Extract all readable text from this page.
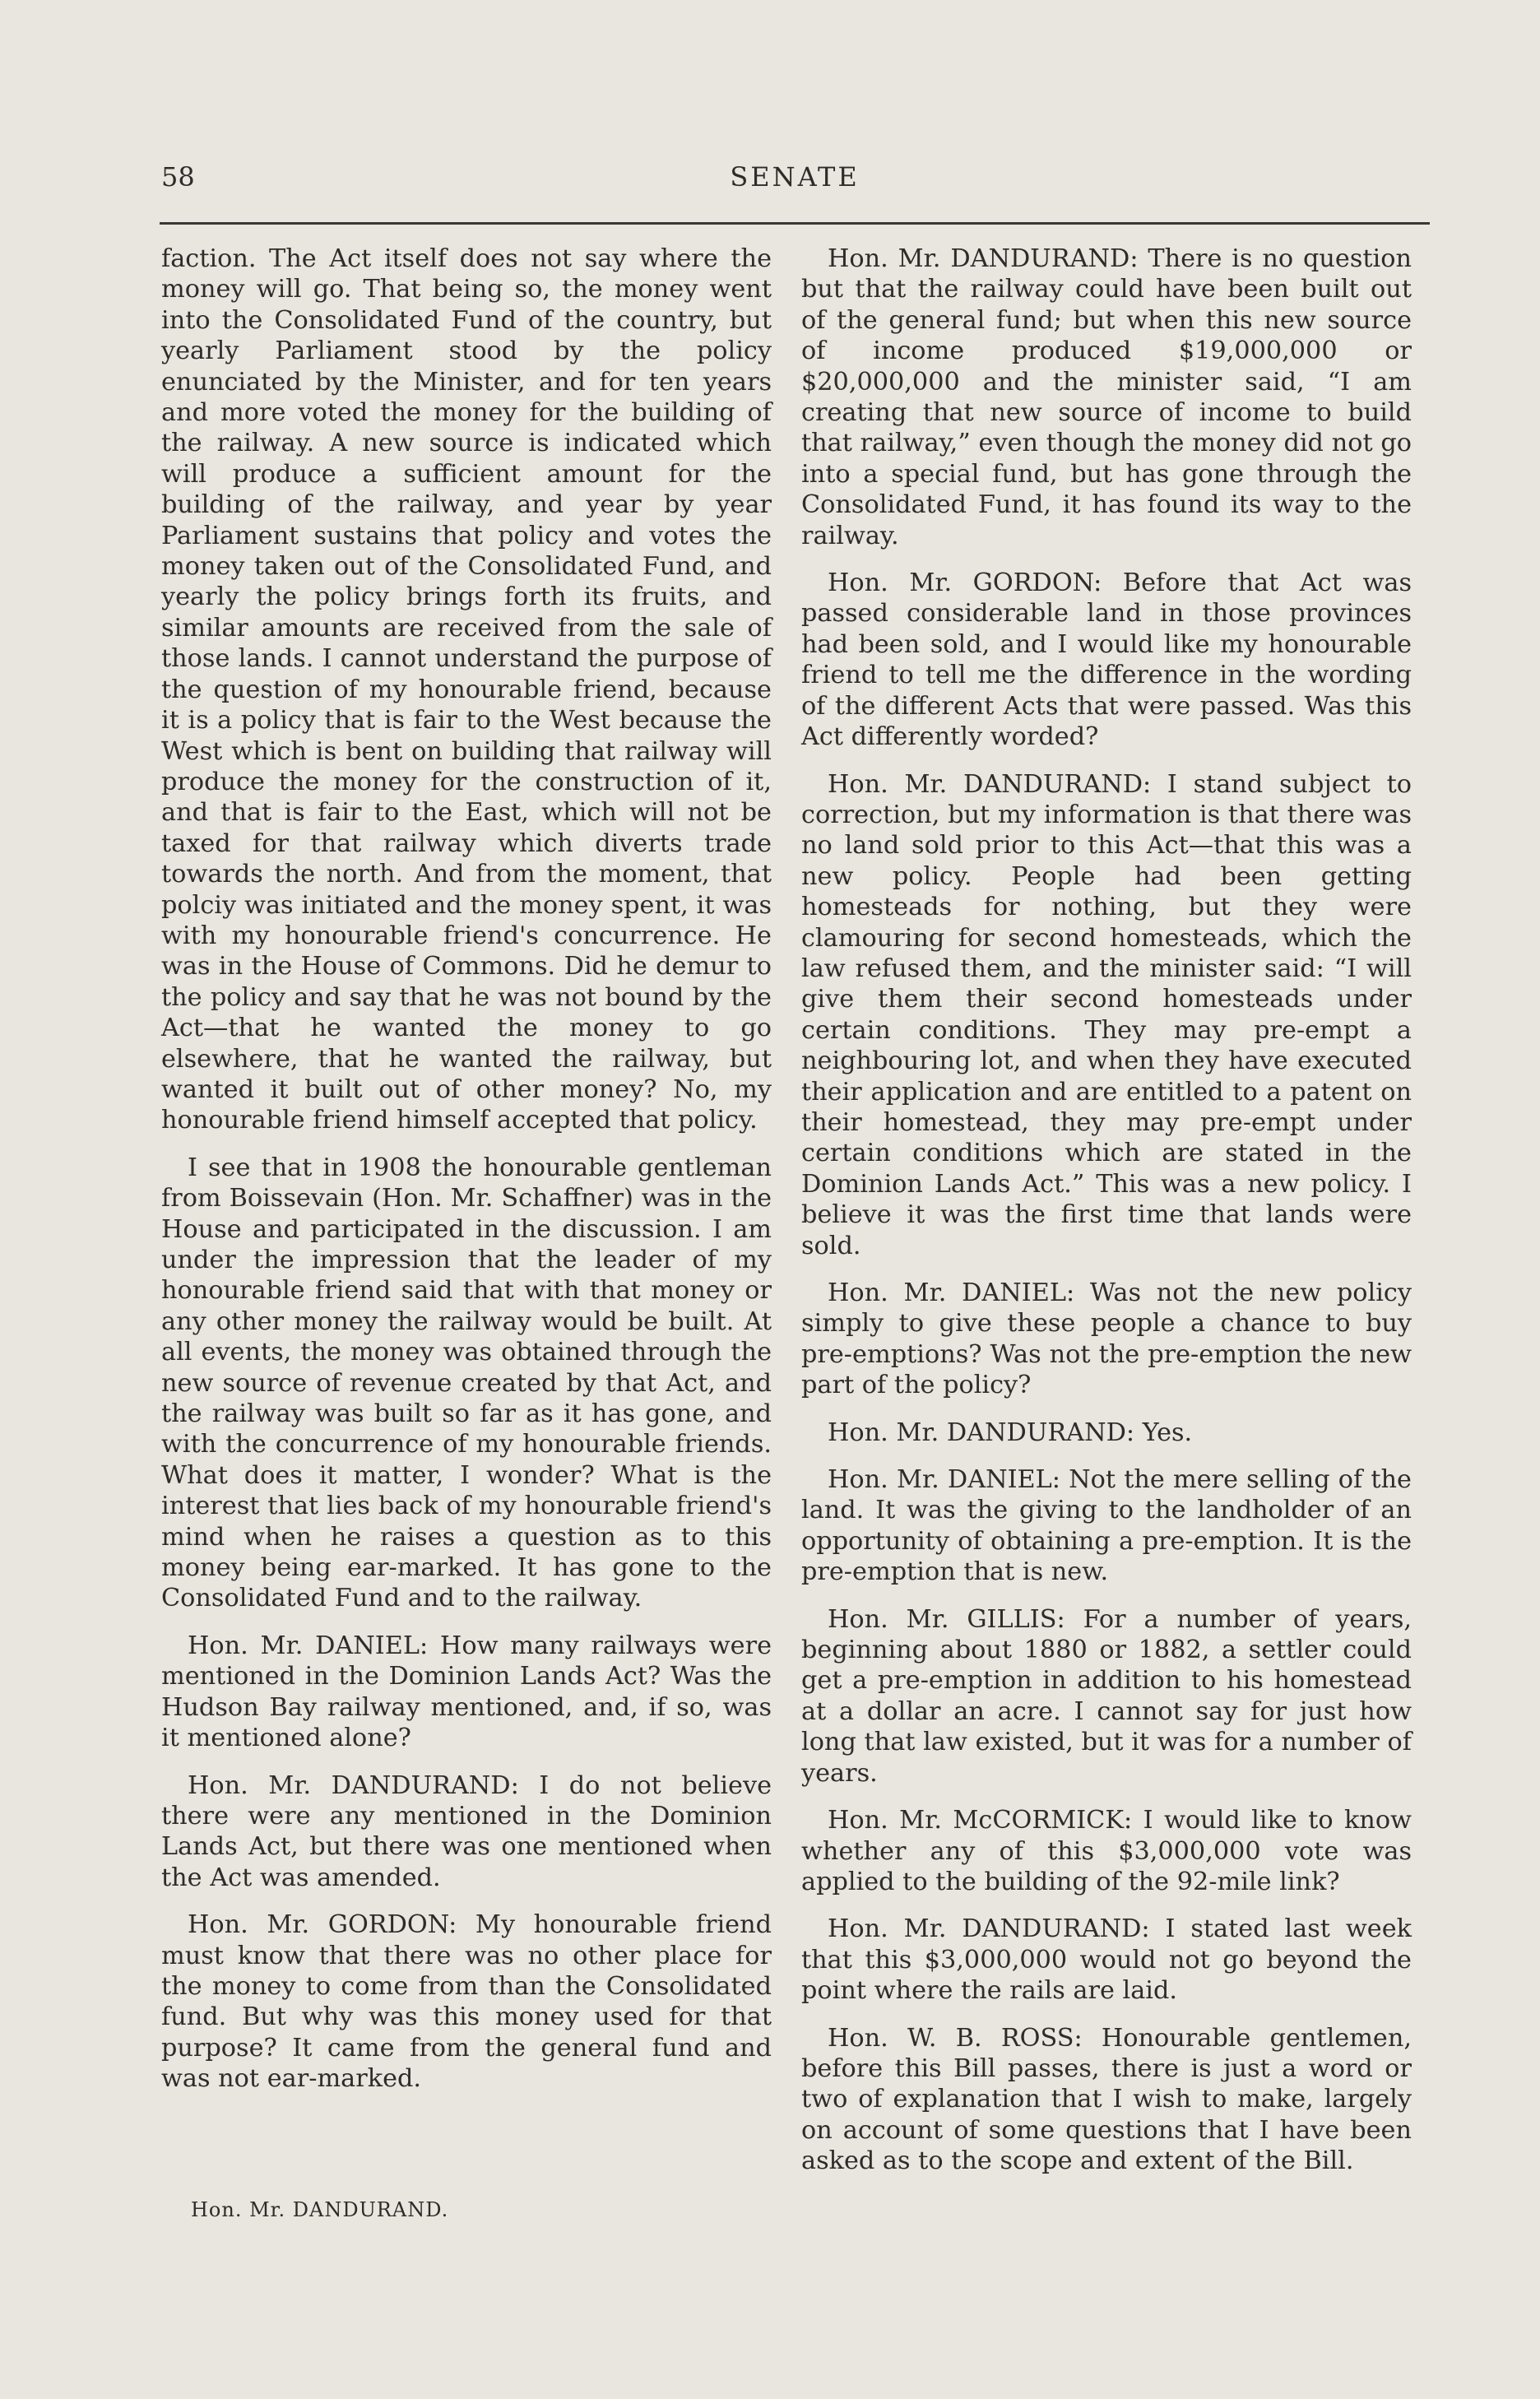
58	SENATE

faction. The Act itself does not say where the money will go. That being so, the money went into the Consolidated Fund of the country, but yearly Parliament stood by the policy enunciated by the Minister, and for ten years and more voted the money for the building of the railway. A new source is indicated which will produce a sufficient amount for the building of the railway, and year by year Parliament sustains that policy and votes the money taken out of the Consolidated Fund, and yearly the policy brings forth its fruits, and similar amounts are received from the sale of those lands. I cannot understand the purpose of the question of my honourable friend, because it is a policy that is fair to the West because the West which is bent on building that railway will produce the money for the construction of it, and that is fair to the East, which will not be taxed for that railway which diverts trade towards the north. And from the moment, that polciy was initiated and the money spent, it was with my honourable friend's concurrence. He was in the House of Commons. Did he demur to the policy and say that he was not bound by the Act—that he wanted the money to go elsewhere, that he wanted the railway, but wanted it built out of other money? No, my honourable friend himself accepted that policy.

I see that in 1908 the honourable gentleman from Boissevain (Hon. Mr. Schaffner) was in the House and participated in the discussion. I am under the impression that the leader of my honourable friend said that with that money or any other money the railway would be built. At all events, the money was obtained through the new source of revenue created by that Act, and the railway was built so far as it has gone, and with the concurrence of my honourable friends. What does it matter, I wonder? What is the interest that lies back of my honourable friend's mind when he raises a question as to this money being ear-marked. It has gone to the Consolidated Fund and to the railway.

Hon. Mr. DANIEL: How many railways were mentioned in the Dominion Lands Act? Was the Hudson Bay railway mentioned, and, if so, was it mentioned alone?

Hon. Mr. DANDURAND: I do not believe there were any mentioned in the Dominion Lands Act, but there was one mentioned when the Act was amended.

Hon. Mr. GORDON: My honourable friend must know that there was no other place for the money to come from than the Consolidated fund. But why was this money used for that purpose? It came from the general fund and was not ear-marked.

Hon. Mr. DANDURAND.

Hon. Mr. DANDURAND: There is no question but that the railway could have been built out of the general fund; but when this new source of income produced $19,000,000 or $20,000,000 and the minister said, “I am creating that new source of income to build that railway,” even though the money did not go into a special fund, but has gone through the Consolidated Fund, it has found its way to the railway.

Hon. Mr. GORDON: Before that Act was passed considerable land in those provinces had been sold, and I would like my honourable friend to tell me the difference in the wording of the different Acts that were passed. Was this Act differently worded?

Hon. Mr. DANDURAND: I stand subject to correction, but my information is that there was no land sold prior to this Act—that this was a new policy. People had been getting homesteads for nothing, but they were clamouring for second homesteads, which the law refused them, and the minister said: “I will give them their second homesteads under certain conditions. They may pre-empt a neighbouring lot, and when they have executed their application and are entitled to a patent on their homestead, they may pre-empt under certain conditions which are stated in the Dominion Lands Act.” This was a new policy. I believe it was the first time that lands were sold.

Hon. Mr. DANIEL: Was not the new policy simply to give these people a chance to buy pre-emptions? Was not the pre-emption the new part of the policy?

Hon. Mr. DANDURAND: Yes.

Hon. Mr. DANIEL: Not the mere selling of the land. It was the giving to the landholder of an opportunity of obtaining a pre-emption. It is the pre-emption that is new.

Hon. Mr. GILLIS: For a number of years, beginning about 1880 or 1882, a settler could get a pre-emption in addition to his homestead at a dollar an acre. I cannot say for just how long that law existed, but it was for a number of years.

Hon. Mr. McCORMICK: I would like to know whether any of this $3,000,000 vote was applied to the building of the 92-mile link?

Hon. Mr. DANDURAND: I stated last week that this $3,000,000 would not go beyond the point where the rails are laid.

Hon. W. B. ROSS: Honourable gentlemen, before this Bill passes, there is just a word or two of explanation that I wish to make, largely on account of some questions that I have been asked as to the scope and extent of the Bill.
